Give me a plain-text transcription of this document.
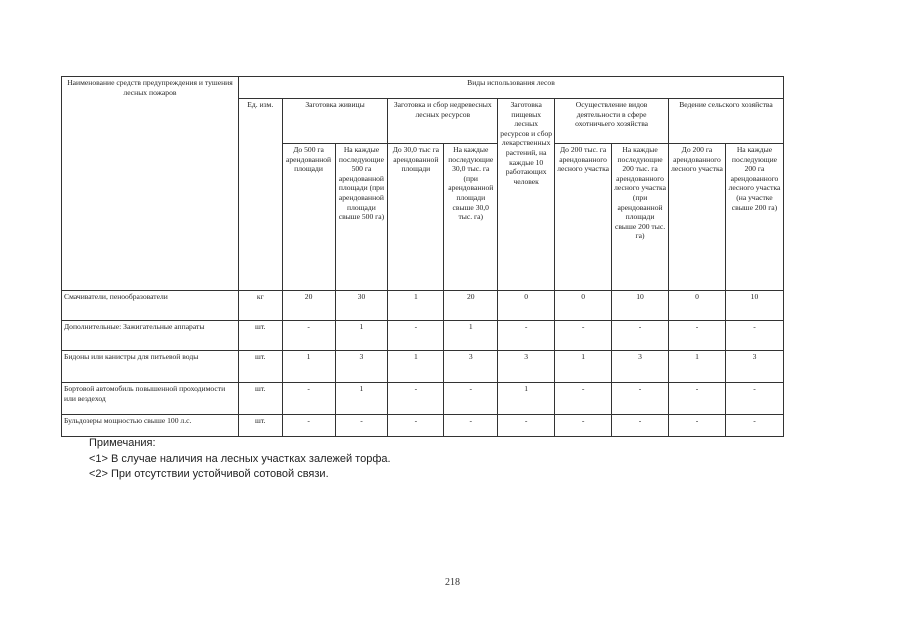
Наименование средств предупреждения и тушения лесных пожаров	Виды использования лесов									
	Ед. изм.	Заготовка живицы		Заготовка и сбор недревесных лесных ресурсов		Заготовка пищевых лесных ресурсов и сбор лекарственных растений, на каждые 10 работающих человек	Осуществление видов деятельности в сфере охотничьего хозяйства		Ведение сельского хозяйства	
		До 500 га арендованной площади	На каждые последующие 500 га арендованной площади (при арендованной площади свыше 500 га)	До 30,0 тыс га арендованной площади	На каждые последующие 30,0 тыс. га (при арендованной площади свыше 30,0 тыс. га)		До 200 тыс. га арендованного лесного участка	На каждые последующие 200 тыс. га арендованного лесного участка (при арендованной площади свыше 200 тыс. га)	До 200 га арендованного лесного участка	На каждые последующие 200 га арендованного лесного участка (на участке свыше 200 га)
Смачиватели, пенообразователи	кг	20	30	1	20	0	0	10	0	10
Дополнительные: Зажигательные аппараты	шт.	-	1	-	1	-	-	-	-	-
Бидоны или канистры для питьевой воды	шт.	1	3	1	3	3	1	3	1	3
Бортовой автомобиль повышенной проходимости или вездеход	шт.	-	1	-	-	1	-	-	-	-
Бульдозеры мощностью свыше 100 л.с.	шт.	-	-	-	-	-	-	-	-	-
Примечания:
<1> В случае наличия на лесных участках залежей торфа.
<2> При отсутствии устойчивой сотовой связи.
218
